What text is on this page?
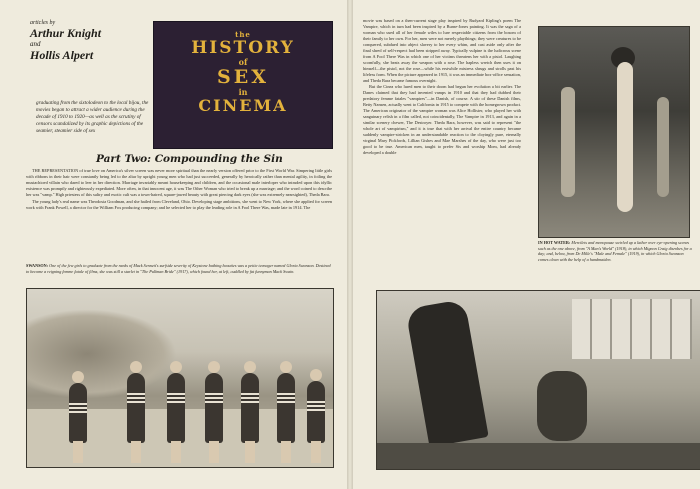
articles by
Arthur Knight
and
Hollis Alpert
graduating from the sixtolodeon to the local bijou, the movies began to attract a wider audience during the decade of 1910 to 1920—as well as the scrutiny of censors scandalized by its graphic depictions of the seamier, steamier side of sex
the
HISTORY
of
SEX
in
CINEMA
Part Two: Compounding the Sin

THE REPRESENTATION of true love on America's silver screen was never more spiritual than the nearly version offered prior to the First World War. Simpering little girls with ribbons in their hair were constantly being led to the altar by upright young men who had just succeeded, generally by heroically rather than mental agility, in foiling the mustachioed villain who dared to leer in her direction. Marriage invariably meant housekeeping and children, and the occasional male interloper who intruded upon this idyllic existence was promptly and righteously expediated. More often, in that innocent age, it was The Other Woman who tried to break up a marriage; and the word coined to describe her was "vamp." High priestess of this sultry and exotic cult was a town-haired, square-jawed beauty with great piercing dark eyes (she was extremely nearsighted), Theda Bara.

The young lady's real name was Theodosia Goodman, and she hailed from Cleveland, Ohio. Developing stage ambitions, she went to New York, where she applied for screen work with Frank Powell, a director for the William Fox producing company; and he selected her to play the leading role in A Fool There Was, made late in 1914. The

SWANSON: One of the few girls to graduate from the ranks of Mack Sennett's surfside severity of Keystone bathing beauties was a petite teenager named Gloria Swanson. Destined to become a reigning femme fatale of films, she was still a starlet in "The Pullman Bride" (1917), which found her, at left, cuddled by fat funnyman Mack Swain.

movie was based on a then-current stage play inspired by Rudyard Kipling's poem The Vampire, which in turn had been inspired by a Burne-Jones painting. It was the saga of a woman who used all of her female wiles to lure respectable citizens from the bosom of their family to her own. For her, men were not merely playthings; they were creatures to be conquered, subdued into abject slavery to her every whim, and cast aside only after the final shred of self-respect had been stripped away. Typically vulpine is the ludicrous scene from A Fool There Was in which one of her victims threatens her with a pistol. Laughing scornfully, she beats away the weapon with a rose. The hapless wretch then uses it on himself—the pistol, not the rose—while his erstwhile mistress shrugs and strolls past his lifeless form. When the picture appeared in 1915, it was an immediate box-office sensation, and Theda Bara became famous overnight.

But the Cinea who lured men to their doom had begun her evolution a bit earlier. The Danes claimed that they had invented vamps in 1910 and that they had dubbed their predatory femme fatales "vampires"—in Danish, of course. A stir of these Danish films, Betty Nansen, actually went to California in 1915 to compete with the homegrown product. The American originator of the vampire woman was Alice Hollister, who played her with sanguinary relish in a film called, not coincidentally, The Vampire in 1913, and again in a similar scenery chewer, The Destroyer. Theda Bara, however, was said to represent "the whole art of vampirism," and it is true that with her arrival the entire country became suddenly vampire-stricken in an understandable reaction to the cloyingly pure, eternally virginal Mary Pickfords, Lillian Gishes and Mae Marshes of the day, who were just too good to be true. American men, taught to prefer Sis and worship Mom, had already developed a double

IN HOT WATER: Mercilets and menopause swirled up a lather over eye-opening scenes such as the one above, from "A Man's World" (1918), in which Mignon Craig disrobes for a day; and, below, from De Mille's "Male and Female" (1919), in which Gloria Swanson comes clean with the help of a handmaiden.
